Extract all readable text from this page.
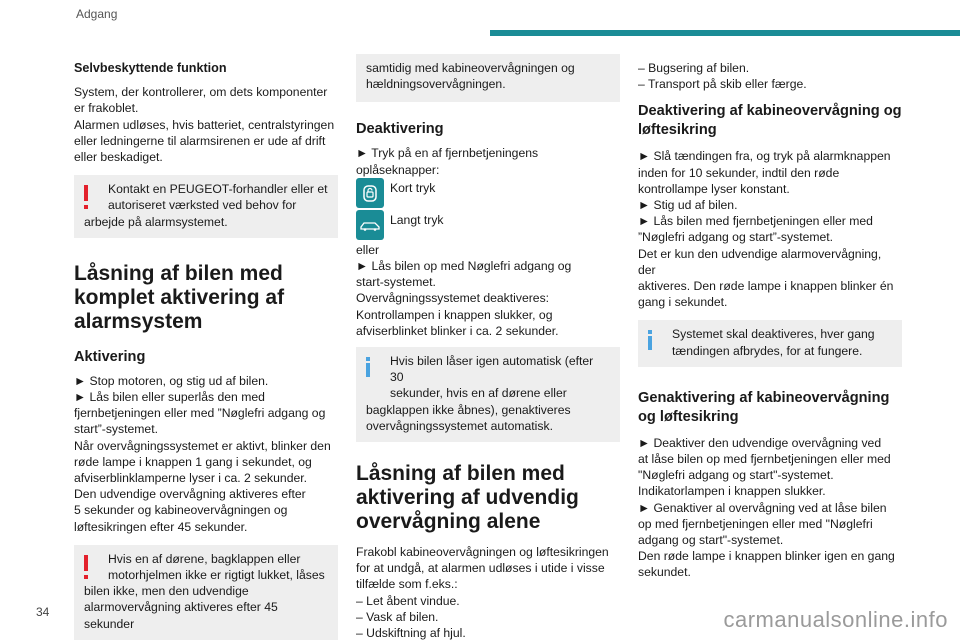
Adgang
34	carmanualsonline.info
Selvbeskyttende funktion

System, der kontrollerer, om dets komponenter

er frakoblet.

Alarmen udløses, hvis batteriet, centralstyringen

eller ledningerne til alarmsirenen er ude af drift

eller beskadiget.

Kontakt en PEUGEOT-forhandler eller et

autoriseret værksted ved behov for

arbejde på alarmsystemet.

Låsning af bilen med

komplet aktivering af

alarmsystem

Aktivering

► Stop motoren, og stig ud af bilen.

► Lås bilen eller superlås den med

fjernbetjeningen eller med ”Nøglefri adgang og

start”-systemet.

Når overvågningssystemet er aktivt, blinker den

røde lampe i knappen 1 gang i sekundet, og

afviserblinklamperne lyser i ca. 2 sekunder.

Den udvendige overvågning aktiveres efter

5 sekunder og kabineovervågningen og

løftesikringen efter 45 sekunder.

Hvis en af dørene, bagklappen eller

motorhjelmen ikke er rigtigt lukket, låses

bilen ikke, men den udvendige

alarmovervågning aktiveres efter 45 sekunder

samtidig med kabineovervågningen og

hældningsovervågningen.

Deaktivering

► Tryk på en af fjernbetjeningens

oplåseknapper:

Kort tryk
Langt tryk

eller

► Lås bilen op med Nøglefri adgang og

start-systemet.

Overvågningssystemet deaktiveres:

Kontrollampen i knappen slukker, og

afviserblinket blinker i ca. 2 sekunder.

Hvis bilen låser igen automatisk (efter 30

sekunder, hvis en af dørene eller

bagklappen ikke åbnes), genaktiveres

overvågningssystemet automatisk.

Låsning af bilen med

aktivering af udvendig

overvågning alene

Frakobl kabineovervågningen og løftesikringen

for at undgå, at alarmen udløses i utide i visse

tilfælde som f.eks.:

– Let åbent vindue.

– Vask af bilen.

– Udskiftning af hjul.

– Bugsering af bilen.

– Transport på skib eller færge.

Deaktivering af kabineovervågning og

løftesikring

► Slå tændingen fra, og tryk på alarmknappen

inden for 10 sekunder, indtil den røde

kontrollampe lyser konstant.

► Stig ud af bilen.

► Lås bilen med fjernbetjeningen eller med

”Nøglefri adgang og start”-systemet.

Det er kun den udvendige alarmovervågning, der

aktiveres. Den røde lampe i knappen blinker én

gang i sekundet.

Systemet skal deaktiveres, hver gang

tændingen afbrydes, for at fungere.

Genaktivering af kabineovervågning

og løftesikring

► Deaktiver den udvendige overvågning ved

at låse bilen op med fjernbetjeningen eller med

"Nøglefri adgang og start"-systemet.

Indikatorlampen i knappen slukker.

► Genaktiver al overvågning ved at låse bilen

op med fjernbetjeningen eller med "Nøglefri

adgang og start"-systemet.

Den røde lampe i knappen blinker igen en gang

sekundet.
